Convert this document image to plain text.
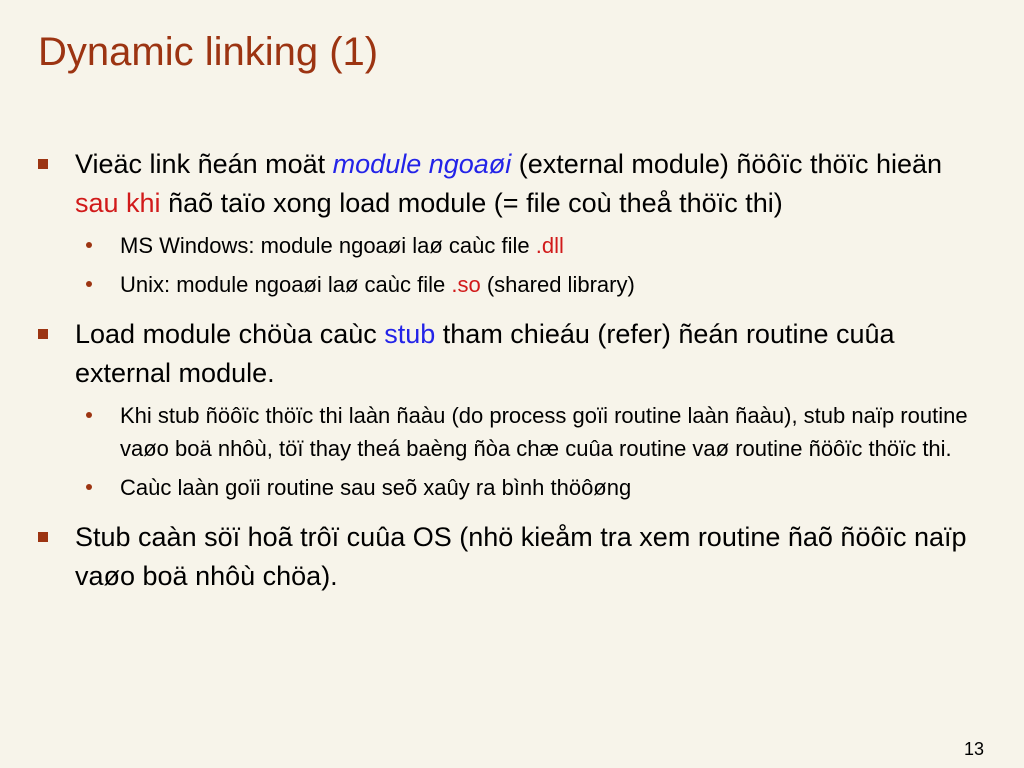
Dynamic linking (1)
Vieäc link ñeán moät module ngoaøi (external module) ñöôïc thöïc hieän sau khi ñaõ taïo xong load module (= file coù theå thöïc thi)
MS Windows: module ngoaøi laø caùc file .dll
Unix: module ngoaøi laø caùc file .so (shared library)
Load module chöùa caùc stub tham chieáu (refer) ñeán routine cuûa external module.
Khi stub ñöôïc thöïc thi laàn ñaàu (do process goïi routine laàn ñaàu), stub naïp routine vaøo boä nhôù, töï thay theá baèng ñòa chæ cuûa routine vaø routine ñöôïc thöïc thi.
Caùc laàn goïi routine sau seõ xaûy ra bình thöôøng
Stub caàn söï hoã trôï cuûa OS (nhö kieåm tra xem routine ñaõ ñöôïc naïp vaøo boä nhôù chöa).
13
